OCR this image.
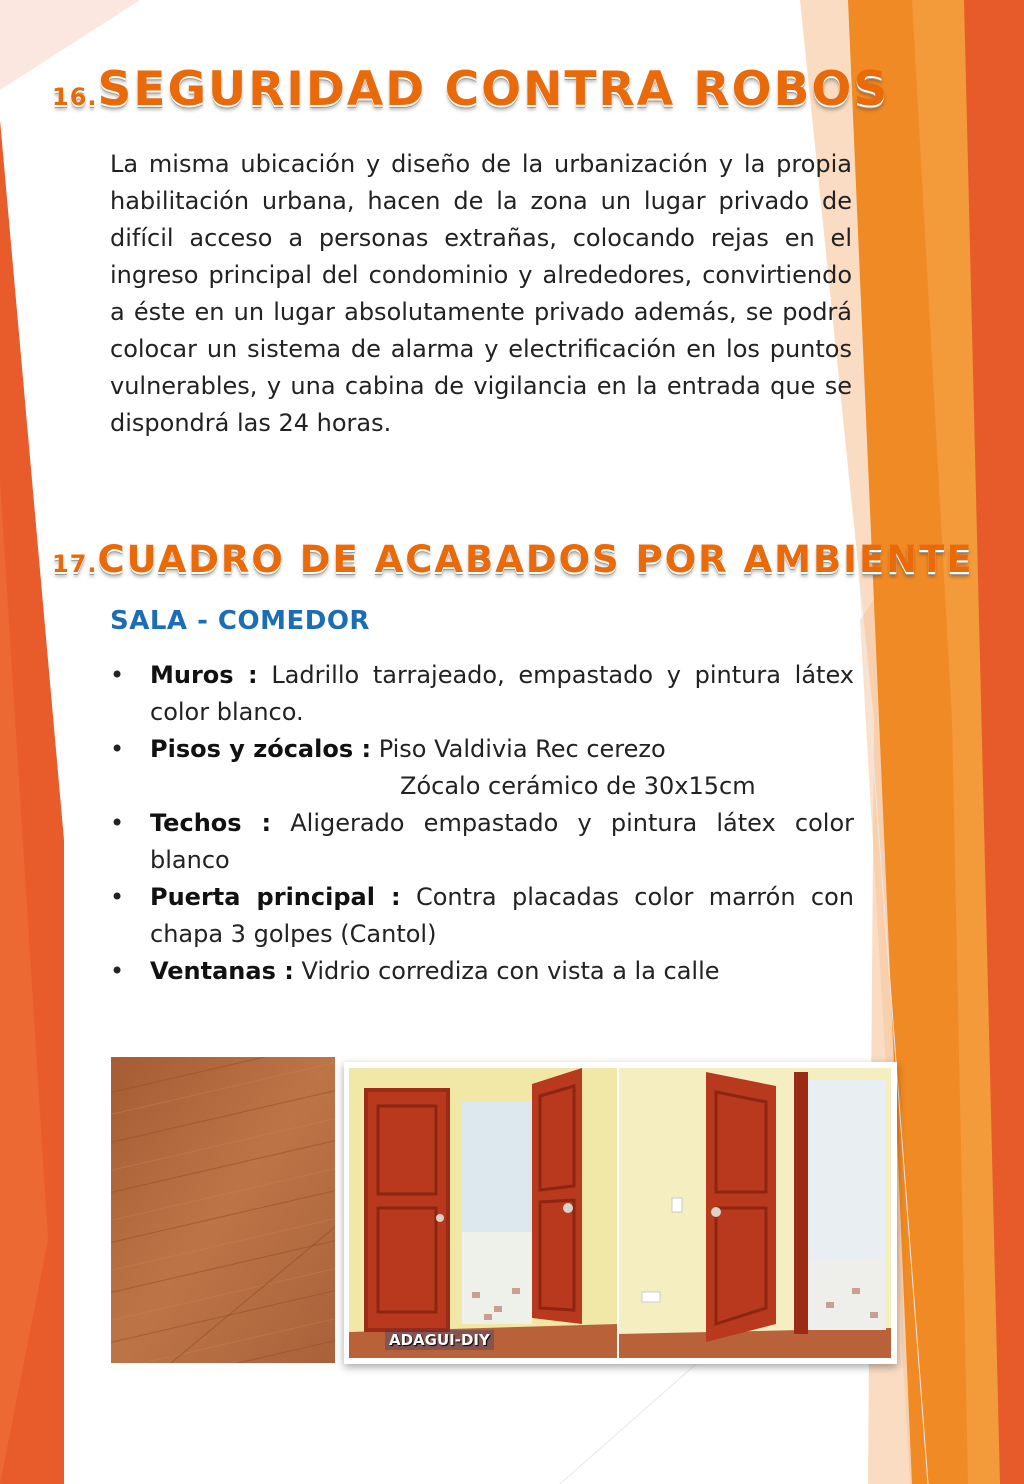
16.SEGURIDAD CONTRA ROBOS

La misma ubicación y diseño de la urbanización y la propia habilitación urbana, hacen de la zona un lugar privado de difícil acceso a personas extrañas, colocando rejas en el ingreso principal del condominio y alrededores, convirtiendo a éste en un lugar absolutamente privado además, se podrá colocar un sistema de alarma y electrificación en los puntos vulnerables, y una cabina de vigilancia en la entrada que se dispondrá las 24 horas.

17.CUADRO DE ACABADOS POR AMBIENTE
SALA - COMEDOR
• Muros : Ladrillo tarrajeado, empastado y pintura látex color blanco.
• Pisos y zócalos : Piso Valdivia Rec cerezo
Zócalo cerámico de 30x15cm
• Techos : Aligerado empastado y pintura látex color blanco
• Puerta principal : Contra placadas color marrón con chapa 3 golpes (Cantol)
• Ventanas : Vidrio corrediza con vista a la calle
ADAGUI-DIY
